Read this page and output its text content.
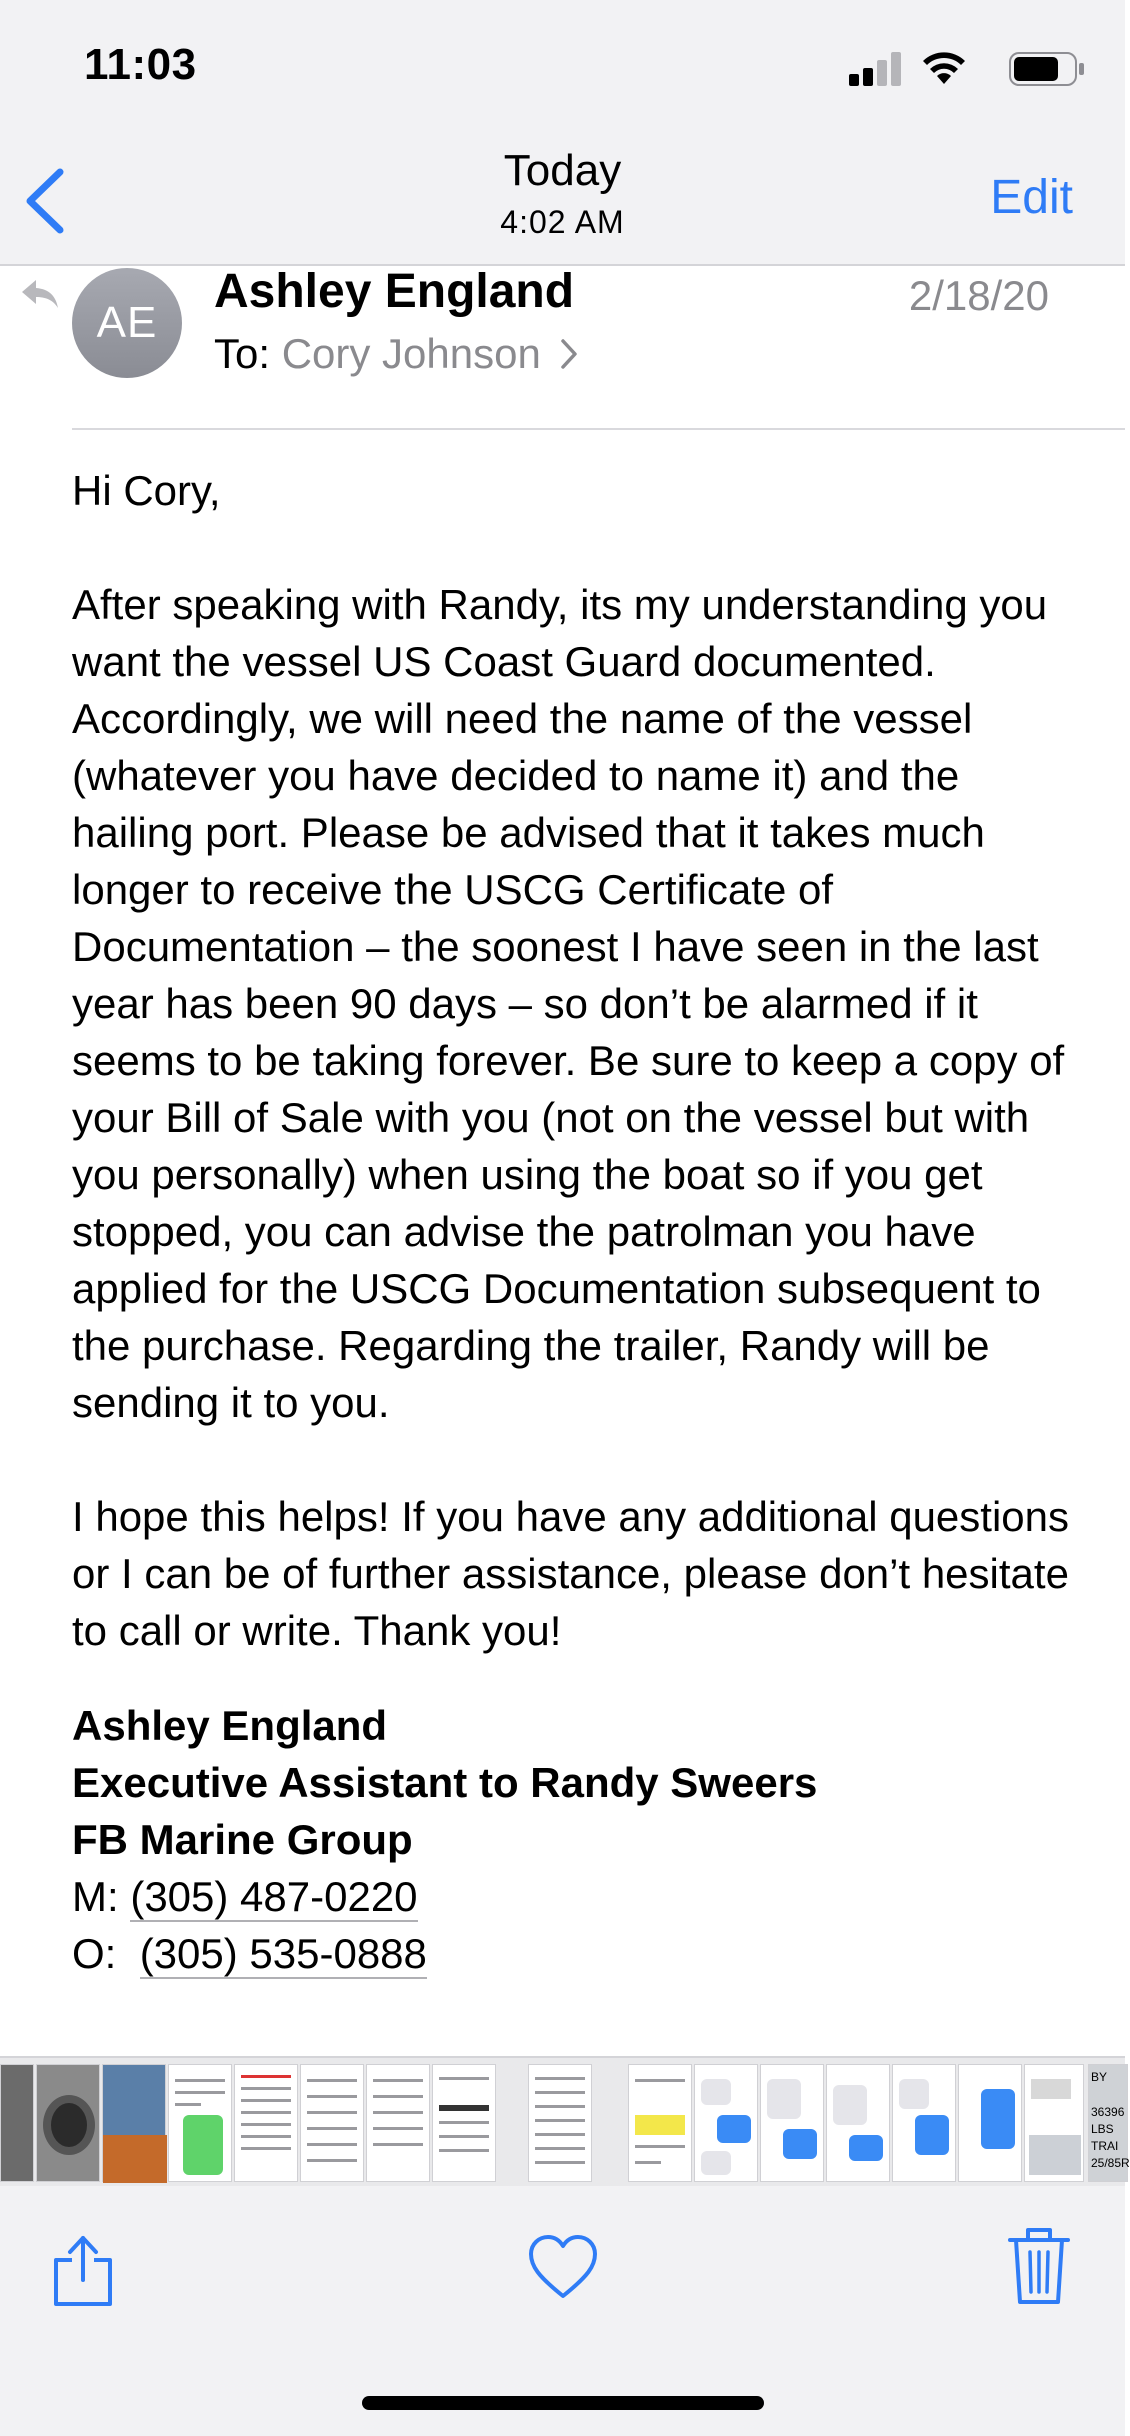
11:03
Today
4:02 AM	Edit
AE
Ashley England	2/18/20
To: Cory Johnson

Hi Cory,

After speaking with Randy, its my understanding you want the vessel US Coast Guard documented. Accordingly, we will need the name of the vessel (whatever you have decided to name it) and the hailing port. Please be advised that it takes much longer to receive the USCG Certificate of Documentation – the soonest I have seen in the last year has been 90 days – so don’t be alarmed if it seems to be taking forever. Be sure to keep a copy of your Bill of Sale with you (not on the vessel but with you personally) when using the boat so if you get stopped, you can advise the patrolman you have applied for the USCG Documentation subsequent to the purchase. Regarding the trailer, Randy will be sending it to you.

I hope this helps! If you have any additional questions or I can be of further assistance, please don’t hesitate to call or write. Thank you!

Ashley England

Executive Assistant to Randy Sweers

FB Marine Group

M: (305) 487-0220

O: (305) 535-0888

BY
36396
LBS
TRAI
25/85R
